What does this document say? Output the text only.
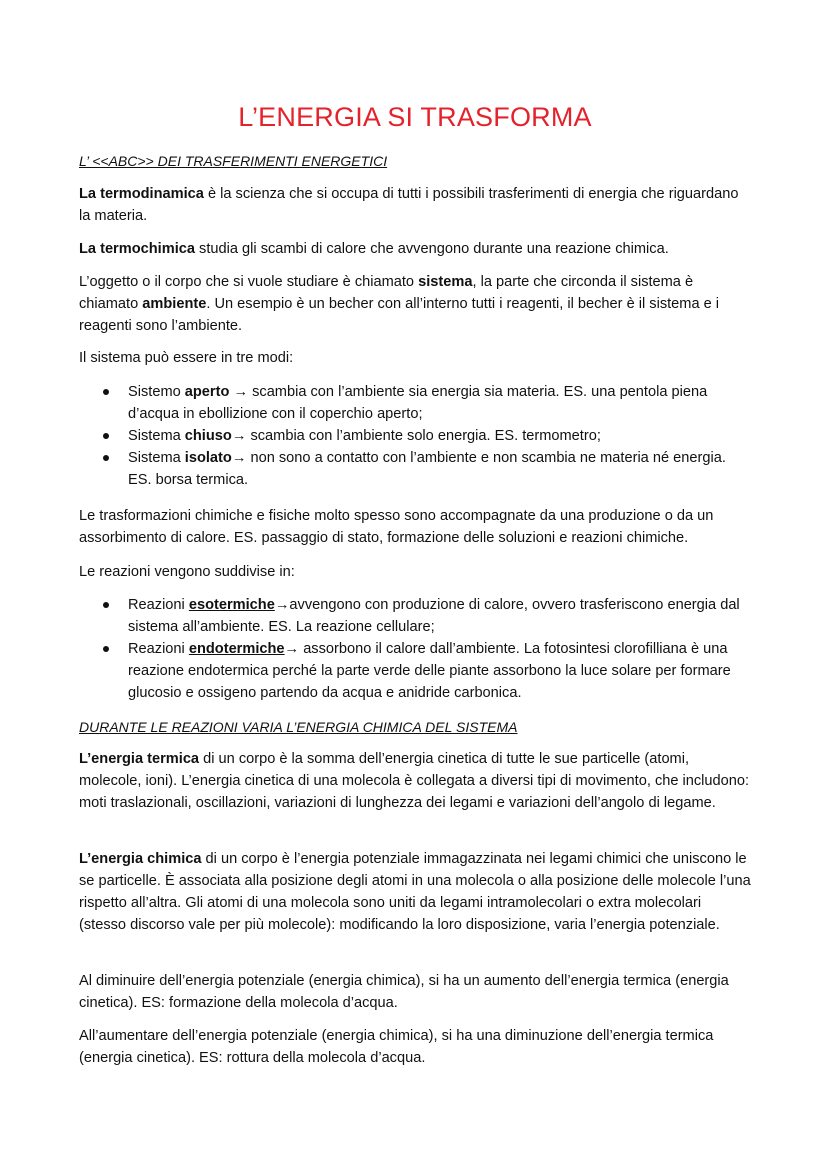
L’ENERGIA SI TRASFORMA
L’ <<ABC>> DEI TRASFERIMENTI ENERGETICI

La termodinamica è la scienza che si occupa di tutti i possibili trasferimenti di energia che riguardano la materia.

La termochimica studia gli scambi di calore che avvengono durante una reazione chimica.

L’oggetto o il corpo che si vuole studiare è chiamato sistema, la parte che circonda il sistema è chiamato ambiente. Un esempio è un becher con all’interno tutti i reagenti, il becher è il sistema e i reagenti sono l’ambiente.

Il sistema può essere in tre modi:

Sistemo aperto → scambia con l’ambiente sia energia sia materia. ES. una pentola piena d’acqua in ebollizione con il coperchio aperto;
Sistema chiuso→ scambia con l’ambiente solo energia. ES. termometro;
Sistema isolato→ non sono a contatto con l’ambiente e non scambia ne materia né energia. ES. borsa termica.

Le trasformazioni chimiche e fisiche molto spesso sono accompagnate da una produzione o da un assorbimento di calore. ES. passaggio di stato, formazione delle soluzioni e reazioni chimiche.

Le reazioni vengono suddivise in:

Reazioni esotermiche→avvengono con produzione di calore, ovvero trasferiscono energia dal sistema all’ambiente. ES. La reazione cellulare;
Reazioni endotermiche→ assorbono il calore dall’ambiente. La fotosintesi clorofilliana è una reazione endotermica perché la parte verde delle piante assorbono la luce solare per formare glucosio e ossigeno partendo da acqua e anidride carbonica.
DURANTE LE REAZIONI VARIA L’ENERGIA CHIMICA DEL SISTEMA

L’energia termica di un corpo è la somma dell’energia cinetica di tutte le sue particelle (atomi, molecole, ioni). L’energia cinetica di una molecola è collegata a diversi tipi di movimento, che includono: moti traslazionali, oscillazioni, variazioni di lunghezza dei legami e variazioni dell’angolo di legame.

L’energia chimica di un corpo è l’energia potenziale immagazzinata nei legami chimici che uniscono le se particelle. È associata alla posizione degli atomi in una molecola o alla posizione delle molecole l’una rispetto all’altra. Gli atomi di una molecola sono uniti da legami intramolecolari o extra molecolari (stesso discorso vale per più molecole): modificando la loro disposizione, varia l’energia potenziale.

Al diminuire dell’energia potenziale (energia chimica), si ha un aumento dell’energia termica (energia cinetica). ES: formazione della molecola d’acqua.

All’aumentare dell’energia potenziale (energia chimica), si ha una diminuzione dell’energia termica (energia cinetica). ES: rottura della molecola d’acqua.
